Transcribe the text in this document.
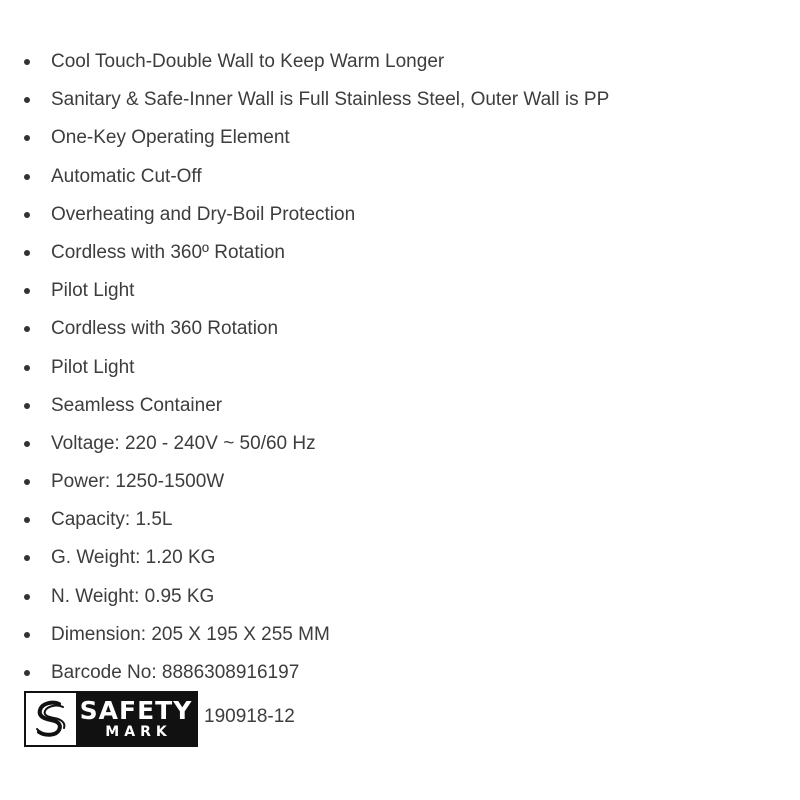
Cool Touch-Double Wall to Keep Warm Longer
Sanitary & Safe-Inner Wall is Full Stainless Steel, Outer Wall is PP
One-Key Operating Element
Automatic Cut-Off
Overheating and Dry-Boil Protection
Cordless with 360º Rotation
Pilot Light
Cordless with 360 Rotation
Pilot Light
Seamless Container
Voltage: 220 - 240V ~ 50/60 Hz
Power: 1250-1500W
Capacity: 1.5L
G. Weight: 1.20 KG
N. Weight: 0.95 KG
Dimension: 205 X 195 X 255 MM
Barcode No: 8886308916197
SAFETY
MARK
190918-12
